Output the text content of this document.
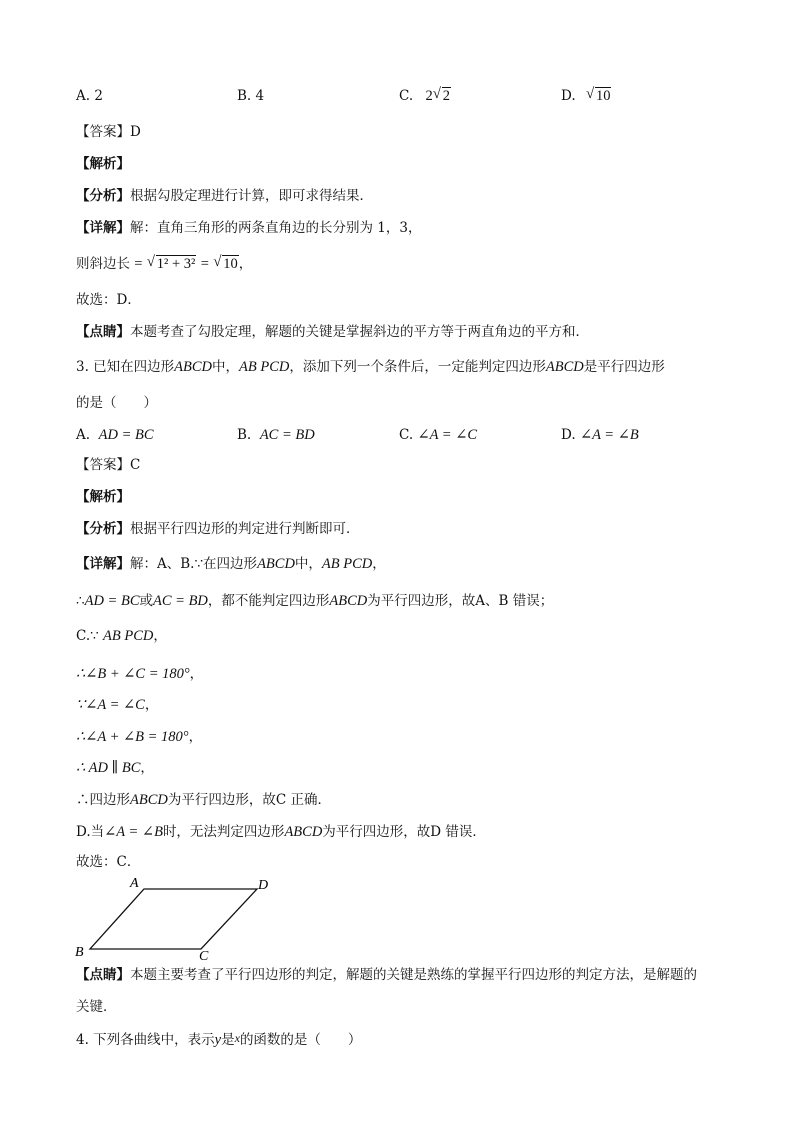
A. 2	B. 4	C. 2 √ 2	D. √ 10
【答案】D
【解析】
【分析】根据勾股定理进行计算，即可求得结果．
【详解】解：直角三角形的两条直角边的长分别为 1，3，
则斜边长 = √ 1² + 3² = √ 10，
故选：D．
【点睛】本题考查了勾股定理，解题的关键是掌握斜边的平方等于两直角边的平方和．
3. 已知在四边形ABCD中，AB PCD，添加下列一个条件后，一定能判定四边形ABCD是平行四边形
的是（　　）
A. AD = BC	B. AC = BD	C. ∠A = ∠C	D. ∠A = ∠B
【答案】C
【解析】
【分析】根据平行四边形的判定进行判断即可．
【详解】解：A、B.∵在四边形ABCD中，AB PCD，
∴AD = BC或AC = BD，都不能判定四边形ABCD为平行四边形，故A、B 错误；
C.∵ AB PCD，
∴∠B + ∠C = 180°，
∵∠A = ∠C，
∴∠A + ∠B = 180°，
∴ AD ∥ BC，
∴四边形ABCD为平行四边形，故C 正确．
D.当∠A = ∠B时，无法判定四边形ABCD为平行四边形，故D 错误．
故选：C．
A	D
B	C
【点睛】本题主要考查了平行四边形的判定，解题的关键是熟练的掌握平行四边形的判定方法，是解题的
关键．
4. 下列各曲线中，表示y是x的函数的是（　　）
